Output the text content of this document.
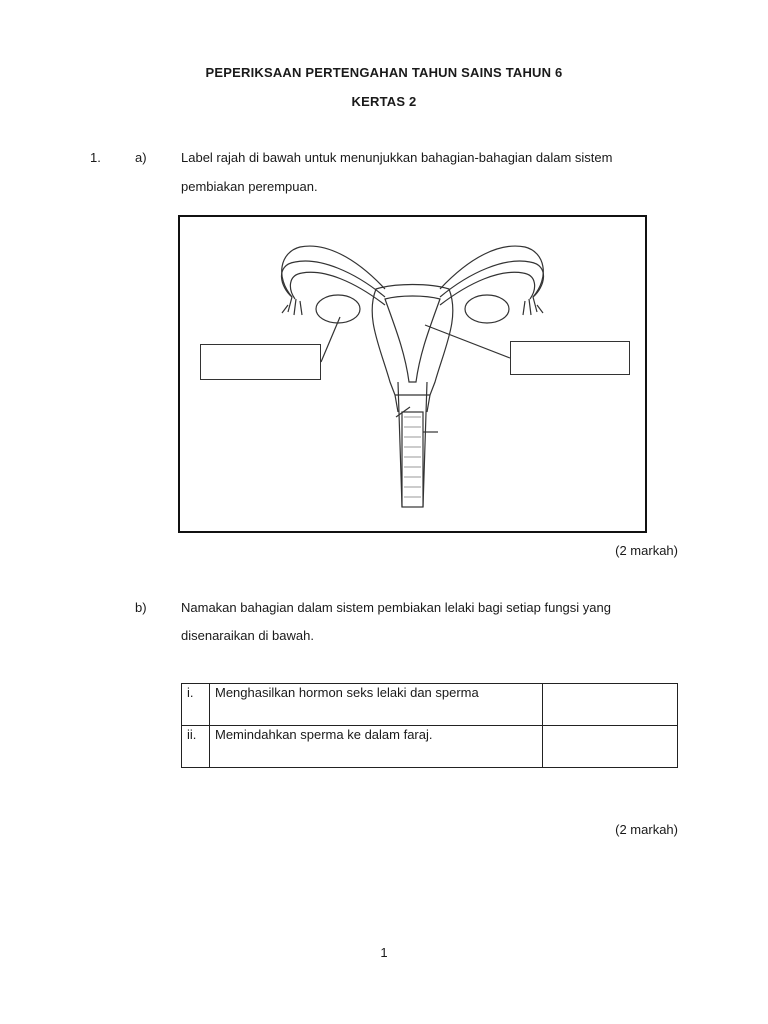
PEPERIKSAAN PERTENGAHAN TAHUN SAINS TAHUN 6
KERTAS 2
1.	a)	Label rajah di bawah untuk menunjukkan bahagian-bahagian dalam sistem
pembiakan perempuan.
(2 markah)
b)	Namakan bahagian dalam sistem pembiakan lelaki bagi setiap fungsi yang
disenaraikan di bawah.
i.	Menghasilkan hormon seks lelaki dan sperma	
ii.	Memindahkan sperma ke dalam faraj.	
(2 markah)
1
